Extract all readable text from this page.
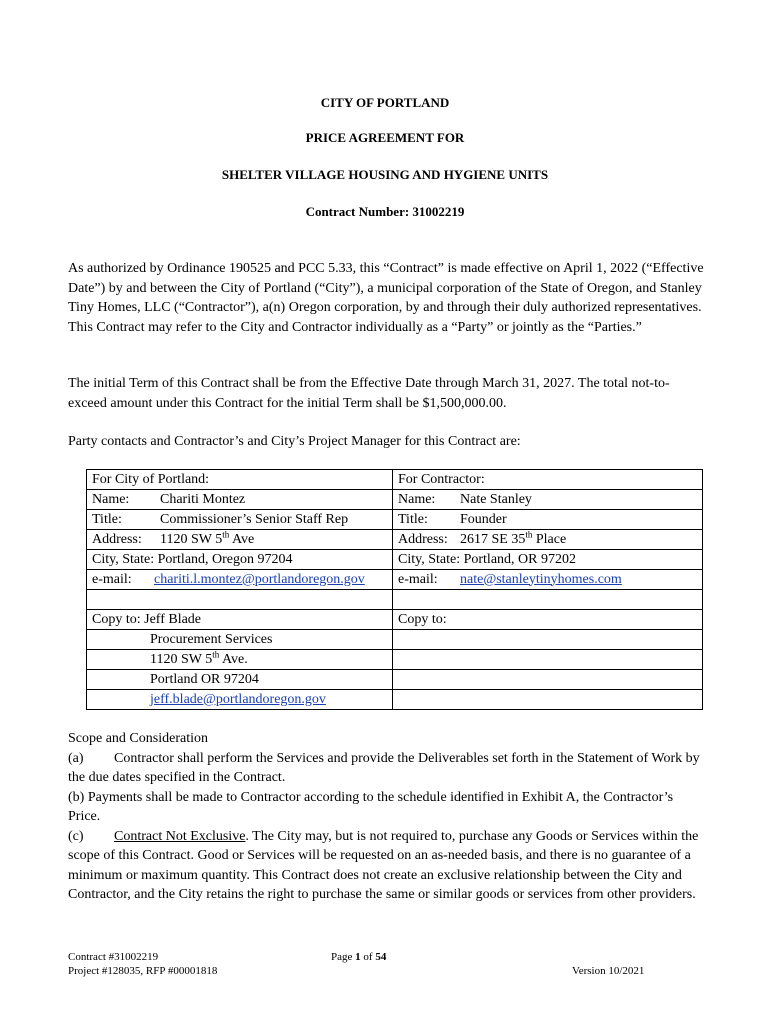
CITY OF PORTLAND
PRICE AGREEMENT FOR
SHELTER VILLAGE HOUSING AND HYGIENE UNITS
Contract Number: 31002219

As authorized by Ordinance 190525 and PCC 5.33, this “Contract” is made effective on April 1, 2022 (“Effective Date”) by and between the City of Portland (“City”), a municipal corporation of the State of Oregon, and Stanley Tiny Homes, LLC (“Contractor”), a(n) Oregon corporation, by and through their duly authorized representatives. This Contract may refer to the City and Contractor individually as a “Party” or jointly as the “Parties.”

The initial Term of this Contract shall be from the Effective Date through March 31, 2027. The total not-to-exceed amount under this Contract for the initial Term shall be $1,500,000.00.

Party contacts and Contractor’s and City’s Project Manager for this Contract are:

For City of Portland:	For Contractor:
Name: Chariti Montez	Name: Nate Stanley
Title: Commissioner’s Senior Staff Rep	Title: Founder
Address: 1120 SW 5th Ave	Address: 2617 SE 35th Place
City, State: Portland, Oregon 97204	City, State: Portland, OR 97202
e-mail: chariti.l.montez@portlandoregon.gov	e-mail: nate@stanleytinyhomes.com

Copy to: Jeff Blade	Copy to:
Procurement Services	
1120 SW 5th Ave.	
Portland OR 97204	
jeff.blade@portlandoregon.gov	

Scope and Consideration

(a) Contractor shall perform the Services and provide the Deliverables set forth in the Statement of Work by the due dates specified in the Contract.

(b) Payments shall be made to Contractor according to the schedule identified in Exhibit A, the Contractor’s Price.

(c) Contract Not Exclusive. The City may, but is not required to, purchase any Goods or Services within the scope of this Contract. Good or Services will be requested on an as-needed basis, and there is no guarantee of a minimum or maximum quantity. This Contract does not create an exclusive relationship between the City and Contractor, and the City retains the right to purchase the same or similar goods or services from other providers.

Contract #31002219
Project #128035, RFP #00001818
Page 1 of 54
Version 10/2021
